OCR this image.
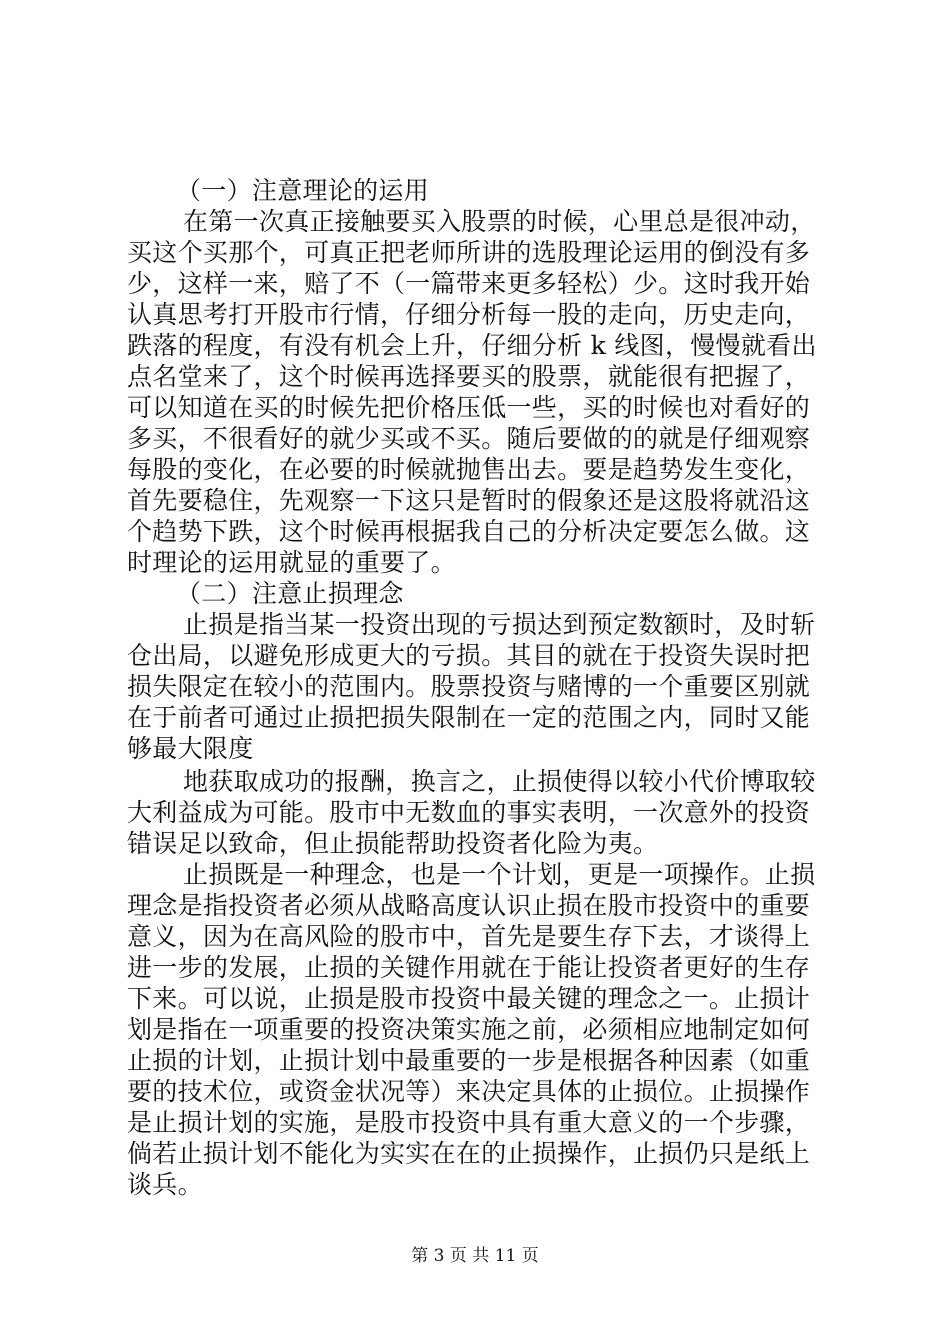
（一）注意理论的运用
在第一次真正接触要买入股票的时候，心里总是很冲动，
买这个买那个，可真正把老师所讲的选股理论运用的倒没有多
少，这样一来，赔了不（一篇带来更多轻松）少。这时我开始
认真思考打开股市行情，仔细分析每一股的走向，历史走向，
跌落的程度，有没有机会上升，仔细分析 k 线图，慢慢就看出
点名堂来了，这个时候再选择要买的股票，就能很有把握了，
可以知道在买的时候先把价格压低一些，买的时候也对看好的
多买，不很看好的就少买或不买。随后要做的的就是仔细观察
每股的变化，在必要的时候就抛售出去。要是趋势发生变化，
首先要稳住，先观察一下这只是暂时的假象还是这股将就沿这
个趋势下跌，这个时候再根据我自己的分析决定要怎么做。这
时理论的运用就显的重要了。
（二）注意止损理念
止损是指当某一投资出现的亏损达到预定数额时，及时斩
仓出局，以避免形成更大的亏损。其目的就在于投资失误时把
损失限定在较小的范围内。股票投资与赌博的一个重要区别就
在于前者可通过止损把损失限制在一定的范围之内，同时又能
够最大限度
地获取成功的报酬，换言之，止损使得以较小代价博取较
大利益成为可能。股市中无数血的事实表明，一次意外的投资
错误足以致命，但止损能帮助投资者化险为夷。
止损既是一种理念，也是一个计划，更是一项操作。止损
理念是指投资者必须从战略高度认识止损在股市投资中的重要
意义，因为在高风险的股市中，首先是要生存下去，才谈得上
进一步的发展，止损的关键作用就在于能让投资者更好的生存
下来。可以说，止损是股市投资中最关键的理念之一。止损计
划是指在一项重要的投资决策实施之前，必须相应地制定如何
止损的计划，止损计划中最重要的一步是根据各种因素（如重
要的技术位，或资金状况等）来决定具体的止损位。止损操作
是止损计划的实施，是股市投资中具有重大意义的一个步骤，
倘若止损计划不能化为实实在在的止损操作，止损仍只是纸上
谈兵。
第 3 页 共 11 页
